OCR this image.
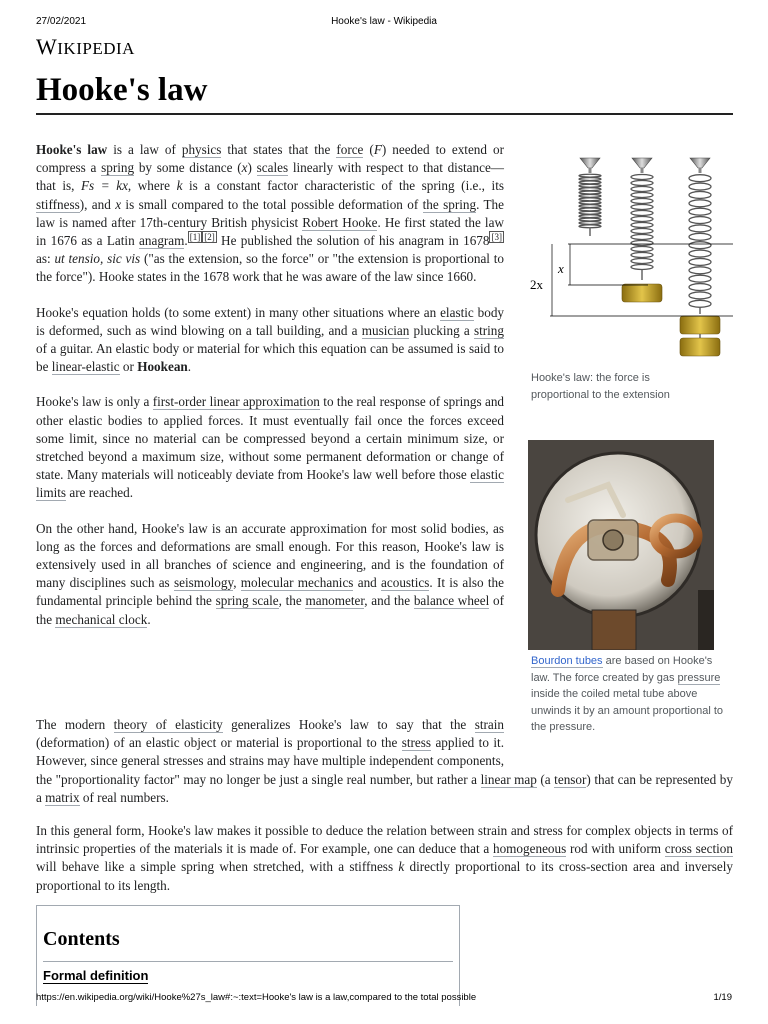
27/02/2021	Hooke's law - Wikipedia
WIKIPEDIA
Hooke's law

Hooke's law is a law of physics that states that the force (F) needed to extend or compress a spring by some distance (x) scales linearly with respect to that distance—that is, Fs = kx, where k is a constant factor characteristic of the spring (i.e., its stiffness), and x is small compared to the total possible deformation of the spring. The law is named after 17th-century British physicist Robert Hooke. He first stated the law in 1676 as a Latin anagram. [1] [2] He published the solution of his anagram in 1678 [3] as: ut tensio, sic vis ("as the extension, so the force" or "the extension is proportional to the force"). Hooke states in the 1678 work that he was aware of the law since 1660.

Hooke's equation holds (to some extent) in many other situations where an elastic body is deformed, such as wind blowing on a tall building, and a musician plucking a string of a guitar. An elastic body or material for which this equation can be assumed is said to be linear-elastic or Hookean.

Hooke's law is only a first-order linear approximation to the real response of springs and other elastic bodies to applied forces. It must eventually fail once the forces exceed some limit, since no material can be compressed beyond a certain minimum size, or stretched beyond a maximum size, without some permanent deformation or change of state. Many materials will noticeably deviate from Hooke's law well before those elastic limits are reached.

On the other hand, Hooke's law is an accurate approximation for most solid bodies, as long as the forces and deformations are small enough. For this reason, Hooke's law is extensively used in all branches of science and engineering, and is the foundation of many disciplines such as seismology, molecular mechanics and acoustics. It is also the fundamental principle behind the spring scale, the manometer, and the balance wheel of the mechanical clock.

The modern theory of elasticity generalizes Hooke's law to say that the strain (deformation) of an elastic object or material is proportional to the stress applied to it. However, since general stresses and strains may have multiple independent components, the "proportionality factor" may no longer be just a single real number, but rather a linear map (a tensor) that can be represented by a matrix of real numbers.
In this general form, Hooke's law makes it possible to deduce the relation between strain and stress for complex objects in terms of intrinsic properties of the materials it is made of. For example, one can deduce that a homogeneous rod with uniform cross section will behave like a simple spring when stretched, with a stiffness k directly proportional to its cross-section area and inversely proportional to its length.
x
2x
Hooke's law: the force is proportional to the extension
Bourdon tubes are based on Hooke's law. The force created by gas pressure inside the coiled metal tube above unwinds it by an amount proportional to the pressure.
Contents
Formal definition
https://en.wikipedia.org/wiki/Hooke%27s_law#:~:text=Hooke's law is a law,compared to the total possible	1/19
